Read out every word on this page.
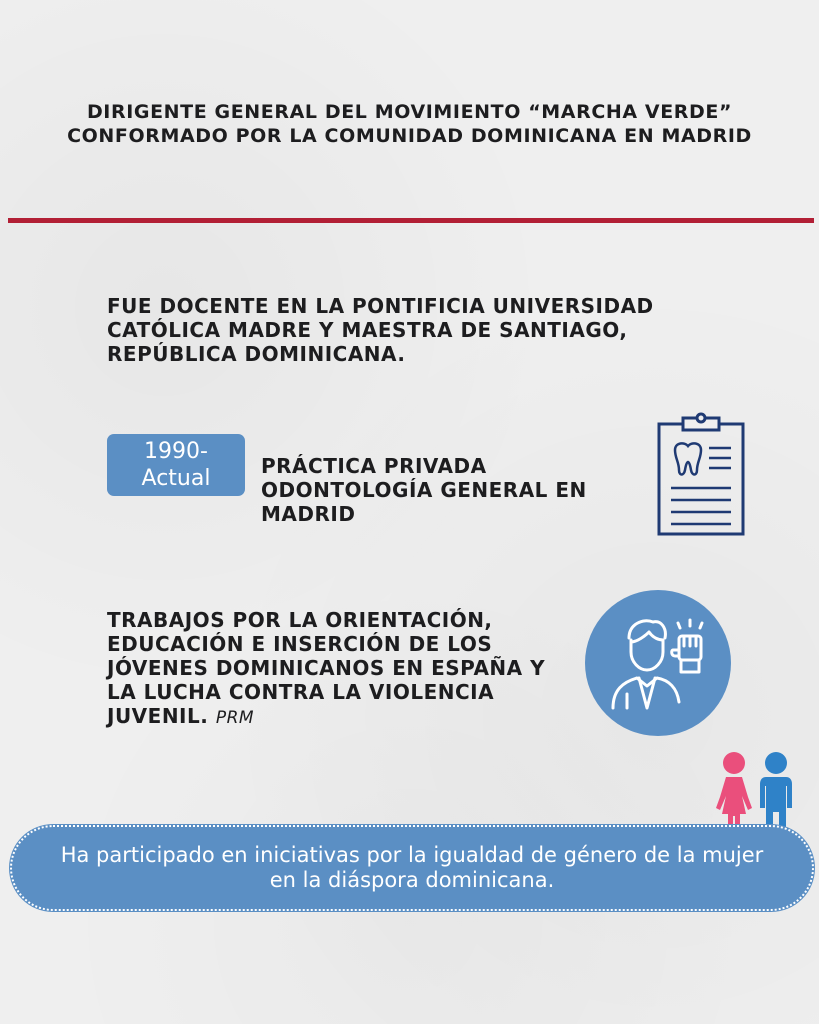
DIRIGENTE GENERAL DEL MOVIMIENTO “MARCHA VERDE” CONFORMADO POR LA COMUNIDAD DOMINICANA EN MADRID
FUE DOCENTE EN LA PONTIFICIA UNIVERSIDAD CATÓLICA MADRE Y MAESTRA DE SANTIAGO, REPÚBLICA DOMINICANA.
1990-
Actual	PRÁCTICA PRIVADA ODONTOLOGÍA GENERAL EN MADRID
TRABAJOS POR LA ORIENTACIÓN, EDUCACIÓN E INSERCIÓN DE LOS JÓVENES DOMINICANOS EN ESPAÑA Y LA LUCHA CONTRA LA VIOLENCIA JUVENIL. PRM
Ha participado en iniciativas por la igualdad de género de la mujer en la diáspora dominicana.
